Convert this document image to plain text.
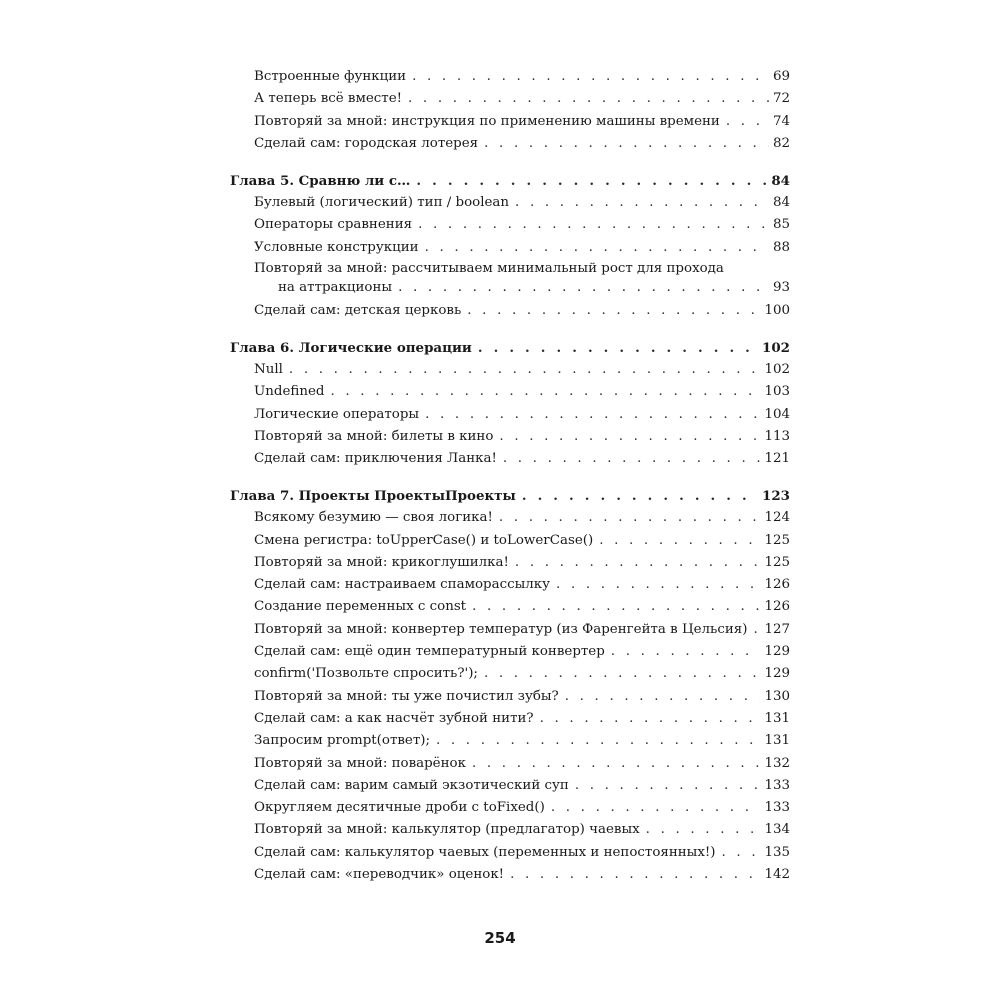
Встроенные функции . . .	69
А теперь всё вместе! . . .	72
Повторяй за мной: инструкция по применению машины времени . . .	74
Сделай сам: городская лотерея . . .	82
Глава 5. Сравню ли с… . . .	84
Булевый (логический) тип / boolean . . .	84
Операторы сравнения . . .	85
Условные конструкции . . .	88
Повторяй за мной: рассчитываем минимальный рост для прохода
на аттракционы . . .	93
Сделай сам: детская церковь . . .	100
Глава 6. Логические операции . . .	102
Null . . .	102
Undefined . . .	103
Логические операторы . . .	104
Повторяй за мной: билеты в кино . . .	113
Сделай сам: приключения Ланка! . . .	121
Глава 7. Проекты ПроектыПроекты . . .	123
Всякому безумию — своя логика! . . .	124
Смена регистра: toUpperCase() и toLowerCase() . . .	125
Повторяй за мной: крикоглушилка! . . .	125
Сделай сам: настраиваем спаморассылку . . .	126
Создание переменных с const . . .	126
Повторяй за мной: конвертер температур (из Фаренгейта в Цельсия) . . . 127
Сделай сам: ещё один температурный конвертер . . .	129
confirm('Позвольте спросить?'); . . .	129
Повторяй за мной: ты уже почистил зубы? . . .	130
Сделай сам: а как насчёт зубной нити? . . .	131
Запросим prompt(ответ); . . .	131
Повторяй за мной: поварёнок . . .	132
Сделай сам: варим самый экзотический суп . . .	133
Округляем десятичные дроби с toFixed() . . .	133
Повторяй за мной: калькулятор (предлагатор) чаевых . . .	134
Сделай сам: калькулятор чаевых (переменных и непостоянных!) . . .	135
Сделай сам: «переводчик» оценок! . . .	142
254
